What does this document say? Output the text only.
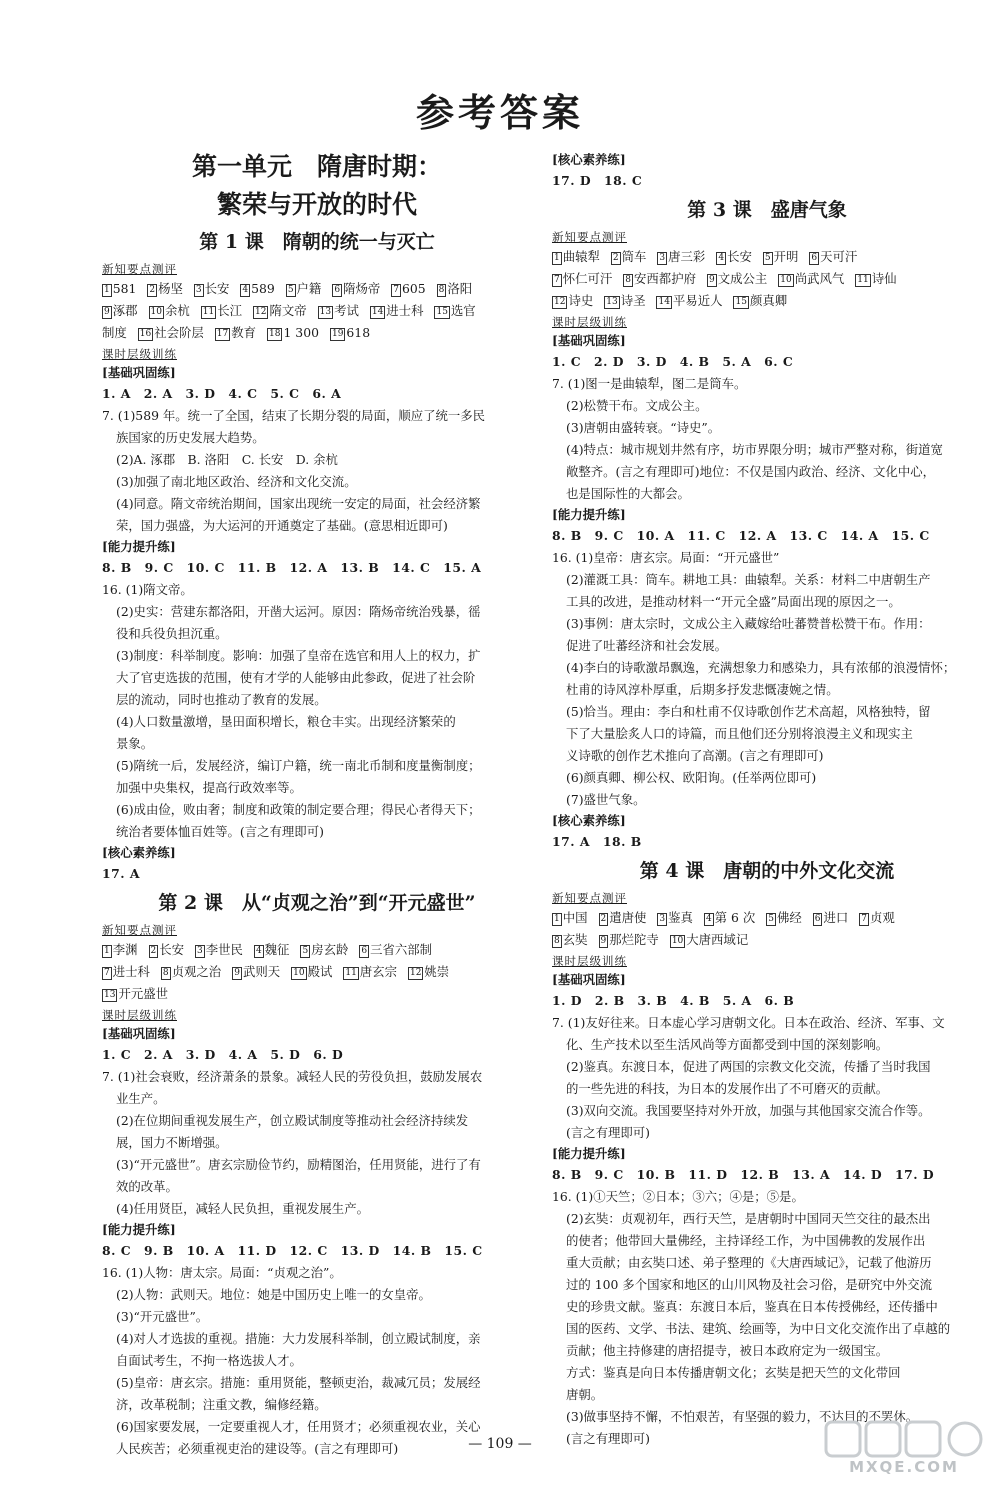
参考答案
第一单元　隋唐时期：
繁荣与开放的时代
第 1 课　隋朝的统一与灭亡
新知要点测评
1 581 2 杨坚 3 长安 4 589 5 户籍 6 隋炀帝 7 605 8 洛阳
9 涿郡 10 余杭 11 长江 12 隋文帝 13 考试 14 进士科 15 选官
制度 16 社会阶层 17 教育 18 1 300 19 618
课时层级训练
[基础巩固练]
1. A　2. A　3. D　4. C　5. C　6. A
7. (1)589 年。统一了全国，结束了长期分裂的局面，顺应了统一多民
族国家的历史发展大趋势。
(2)A. 涿郡　B. 洛阳　C. 长安　D. 余杭
(3)加强了南北地区政治、经济和文化交流。
(4)同意。隋文帝统治期间，国家出现统一安定的局面，社会经济繁
荣，国力强盛，为大运河的开通奠定了基础。(意思相近即可)
[能力提升练]
8. B　9. C　10. C　11. B　12. A　13. B　14. C　15. A
16. (1)隋文帝。
(2)史实：营建东都洛阳，开凿大运河。原因：隋炀帝统治残暴，徭
役和兵役负担沉重。
(3)制度：科举制度。影响：加强了皇帝在选官和用人上的权力，扩
大了官吏选拔的范围，使有才学的人能够由此参政，促进了社会阶
层的流动，同时也推动了教育的发展。
(4)人口数量激增，垦田面积增长，粮仓丰实。出现经济繁荣的
景象。
(5)隋统一后，发展经济，编订户籍，统一南北币制和度量衡制度；
加强中央集权，提高行政效率等。
(6)成由俭，败由奢；制度和政策的制定要合理；得民心者得天下；
统治者要体恤百姓等。(言之有理即可)
[核心素养练]
17. A
第 2 课　从“贞观之治”到“开元盛世”
新知要点测评
1 李渊 2 长安 3 李世民 4 魏征 5 房玄龄 6 三省六部制
7 进士科 8 贞观之治 9 武则天 10 殿试 11 唐玄宗 12 姚崇
13 开元盛世
课时层级训练
[基础巩固练]
1. C　2. A　3. D　4. A　5. D　6. D
7. (1)社会衰败，经济萧条的景象。减轻人民的劳役负担，鼓励发展农
业生产。
(2)在位期间重视发展生产，创立殿试制度等推动社会经济持续发
展，国力不断增强。
(3)“开元盛世”。唐玄宗励俭节约，励精图治，任用贤能，进行了有
效的改革。
(4)任用贤臣，减轻人民负担，重视发展生产。
[能力提升练]
8. C　9. B　10. A　11. D　12. C　13. D　14. B　15. C
16. (1)人物：唐太宗。局面：“贞观之治”。
(2)人物：武则天。地位：她是中国历史上唯一的女皇帝。
(3)“开元盛世”。
(4)对人才选拔的重视。措施：大力发展科举制，创立殿试制度，亲
自面试考生，不拘一格选拔人才。
(5)皇帝：唐玄宗。措施：重用贤能，整顿吏治，裁减冗员；发展经
济，改革税制；注重文教，编修经籍。
(6)国家要发展，一定要重视人才，任用贤才；必须重视农业，关心
人民疾苦；必须重视吏治的建设等。(言之有理即可)
[核心素养练]
17. D　18. C
第 3 课　盛唐气象
新知要点测评
1 曲辕犁 2 筒车 3 唐三彩 4 长安 5 开明 6 天可汗
7 怀仁可汗 8 安西都护府 9 文成公主 10 尚武风气 11 诗仙
12 诗史 13 诗圣 14 平易近人 15 颜真卿
课时层级训练
[基础巩固练]
1. C　2. D　3. D　4. B　5. A　6. C
7. (1)图一是曲辕犁，图二是筒车。
(2)松赞干布。文成公主。
(3)唐朝由盛转衰。“诗史”。
(4)特点：城市规划井然有序，坊市界限分明；城市严整对称，街道宽
敞整齐。(言之有理即可)地位：不仅是国内政治、经济、文化中心，
也是国际性的大都会。
[能力提升练]
8. B　9. C　10. A　11. C　12. A　13. C　14. A　15. C
16. (1)皇帝：唐玄宗。局面：“开元盛世”
(2)灌溉工具：筒车。耕地工具：曲辕犁。关系：材料二中唐朝生产
工具的改进，是推动材料一“开元全盛”局面出现的原因之一。
(3)事例：唐太宗时，文成公主入藏嫁给吐蕃赞普松赞干布。作用：
促进了吐蕃经济和社会发展。
(4)李白的诗歌激昂飘逸，充满想象力和感染力，具有浓郁的浪漫情怀；
杜甫的诗风淳朴厚重，后期多抒发悲慨凄婉之情。
(5)恰当。理由：李白和杜甫不仅诗歌创作艺术高超，风格独特，留
下了大量脍炙人口的诗篇，而且他们还分别将浪漫主义和现实主
义诗歌的创作艺术推向了高潮。(言之有理即可)
(6)颜真卿、柳公权、欧阳询。(任举两位即可)
(7)盛世气象。
[核心素养练]
17. A　18. B
第 4 课　唐朝的中外文化交流
新知要点测评
1 中国 2 遣唐使 3 鉴真 4 第 6 次 5 佛经 6 进口 7 贞观
8 玄奘 9 那烂陀寺 10 大唐西域记
课时层级训练
[基础巩固练]
1. D　2. B　3. B　4. B　5. A　6. B
7. (1)友好往来。日本虚心学习唐朝文化。日本在政治、经济、军事、文
化、生产技术以至生活风尚等方面都受到中国的深刻影响。
(2)鉴真。东渡日本，促进了两国的宗教文化交流，传播了当时我国
的一些先进的科技，为日本的发展作出了不可磨灭的贡献。
(3)双向交流。我国要坚持对外开放，加强与其他国家交流合作等。
(言之有理即可)
[能力提升练]
8. B　9. C　10. B　11. D　12. B　13. A　14. D　17. D
16. (1)①天竺；②日本；③六；④是；⑤是。
(2)玄奘：贞观初年，西行天竺，是唐朝时中国同天竺交往的最杰出
的使者；他带回大量佛经，主持译经工作，为中国佛教的发展作出
重大贡献；由玄奘口述、弟子整理的《大唐西域记》，记载了他游历
过的 100 多个国家和地区的山川风物及社会习俗，是研究中外交流
史的珍贵文献。鉴真：东渡日本后，鉴真在日本传授佛经，还传播中
国的医药、文学、书法、建筑、绘画等，为中日文化交流作出了卓越的
贡献；他主持修建的唐招提寺，被日本政府定为一级国宝。
方式：鉴真是向日本传播唐朝文化；玄奘是把天竺的文化带回
唐朝。
(3)做事坚持不懈，不怕艰苦，有坚强的毅力，不达目的不罢休。
(言之有理即可)
— 109 —
MXQE.COM
